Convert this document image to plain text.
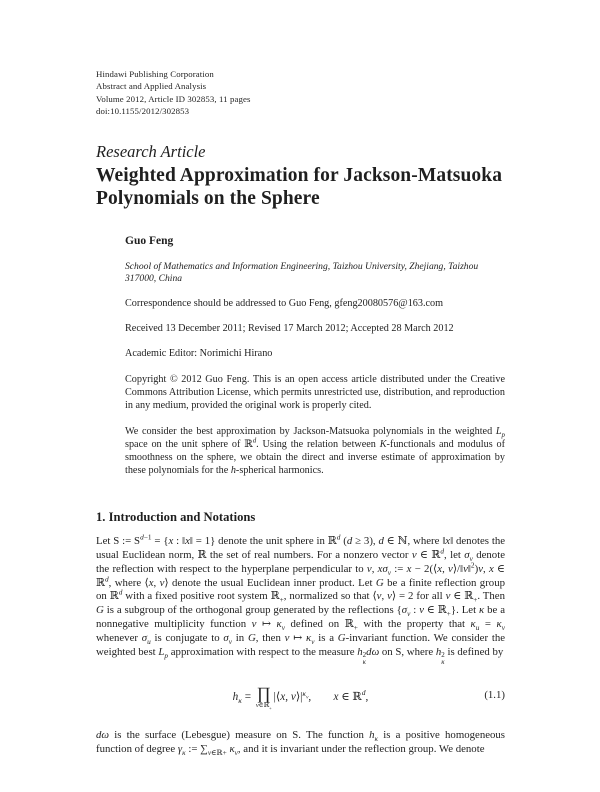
Hindawi Publishing Corporation
Abstract and Applied Analysis
Volume 2012, Article ID 302853, 11 pages
doi:10.1155/2012/302853
Research Article
Weighted Approximation for Jackson-Matsuoka
Polynomials on the Sphere
Guo Feng
School of Mathematics and Information Engineering, Taizhou University, Zhejiang, Taizhou 317000, China
Correspondence should be addressed to Guo Feng, gfeng20080576@163.com
Received 13 December 2011; Revised 17 March 2012; Accepted 28 March 2012
Academic Editor: Norimichi Hirano
Copyright © 2012 Guo Feng. This is an open access article distributed under the Creative Commons Attribution License, which permits unrestricted use, distribution, and reproduction in any medium, provided the original work is properly cited.
We consider the best approximation by Jackson-Matsuoka polynomials in the weighted $L_p$ space on the unit sphere of ℝ$^d$. Using the relation between K-functionals and modulus of smoothness on the sphere, we obtain the direct and inverse estimate of approximation by these polynomials for the h-spherical harmonics.
1. Introduction and Notations
Let S := $S^{d-1} = \{x$ : ‖x‖ = 1} denote the unit sphere in ℝ$^d$ (d ≥ 3), d ∈ ℕ, where ‖x‖ denotes the usual Euclidean norm, ℝ the set of real numbers. For a nonzero vector v ∈ ℝ$^d$, let $\sigma_v$ denote the reflection with respect to the hyperplane perpendicular to v, $x\sigma_v$ := x − 2(⟨x, v⟩/‖v‖$^2$)v, x ∈ ℝ$^d$, where ⟨x, v⟩ denote the usual Euclidean inner product. Let G be a finite reflection group on ℝ$^d$ with a fixed positive root system ℝ$_+$, normalized so that ⟨v, v⟩ = 2 for all v ∈ ℝ$_+$. Then G is a subgroup of the orthogonal group generated by the reflections {$\sigma_v$ : v ∈ ℝ$_+$}. Let κ be a nonnegative multiplicity function v ↦ $\kappa_v$ defined on ℝ$_+$ with the property that $\kappa_u = \kappa_v$ whenever $\sigma_u$ is conjugate to $\sigma_v$ in G, then v ↦ $\kappa_v$ is a G-invariant function. We consider the weighted best $L_p$ approximation with respect to the measure h 2
κ
dω on S, where h 2
κ
is defined by
$h_\kappa$ = ∏
v∈ℝ$_+$
|⟨x, $v⟩|^{\kappa_v}$,  x ∈ ℝ$^d$,	(1.1)
dω is the surface (Lebesgue) measure on S. The function $h_\kappa$ is a positive homogeneous function of degree $\gamma_\kappa$ := $\sum_{v\in ℝ+}$ $\kappa_v$, and it is invariant under the reflection group. We denote
